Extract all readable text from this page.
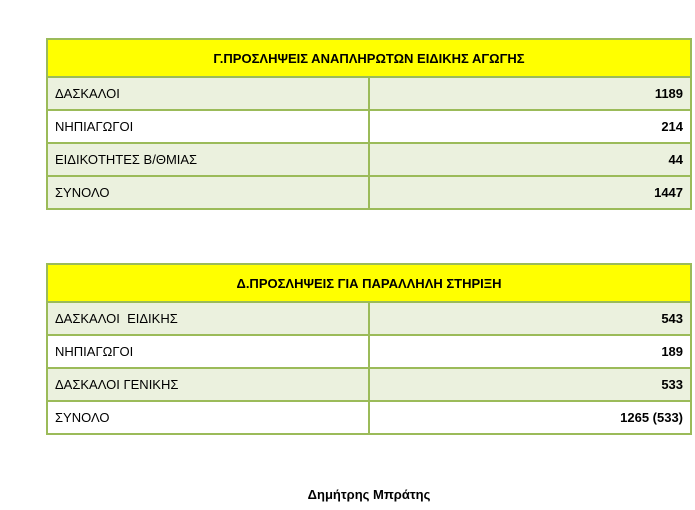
Γ.ΠΡΟΣΛΗΨΕΙΣ ΑΝΑΠΛΗΡΩΤΩΝ ΕΙΔΙΚΗΣ ΑΓΩΓΗΣ	
ΔΑΣΚΑΛΟΙ	1189
ΝΗΠΙΑΓΩΓΟΙ	214
ΕΙΔΙΚΟΤΗΤΕΣ Β/ΘΜΙΑΣ	44
ΣΥΝΟΛΟ	1447
Δ.ΠΡΟΣΛΗΨΕΙΣ ΓΙΑ ΠΑΡΑΛΛΗΛΗ ΣΤΗΡΙΞΗ	
ΔΑΣΚΑΛΟΙ  ΕΙΔΙΚΗΣ	543
ΝΗΠΙΑΓΩΓΟΙ	189
ΔΑΣΚΑΛΟΙ ΓΕΝΙΚΗΣ	533
ΣΥΝΟΛΟ	1265 (533)
Δημήτρης Μπράτης
